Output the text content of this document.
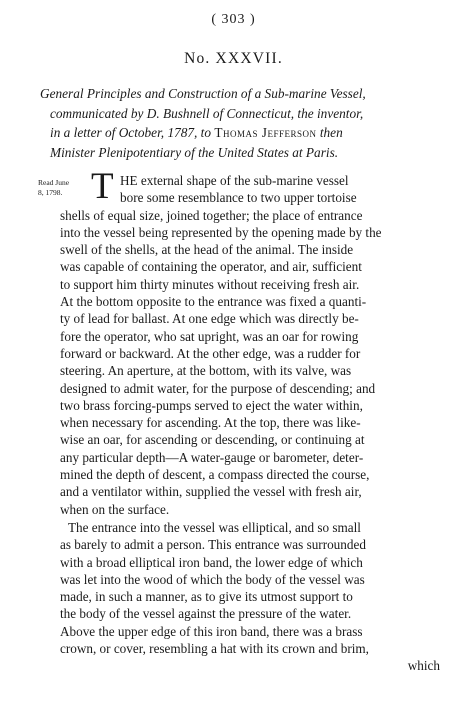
( 303 )
No. XXXVII.
General Principles and Construction of a Sub-marine Vessel,
communicated by D. Bushnell of Connecticut, the inventor,
in a letter of October, 1787, to Thomas Jefferson then
Minister Plenipotentiary of the United States at Paris.
Read June
8, 1798. T HE external shape of the sub-marine vessel
bore some resemblance to two upper tortoise
shells of equal size, joined together; the place of entrance
into the vessel being represented by the opening made by the
swell of the shells, at the head of the animal. The inside
was capable of containing the operator, and air, sufficient
to support him thirty minutes without receiving fresh air.
At the bottom opposite to the entrance was fixed a quanti-
ty of lead for ballast. At one edge which was directly be-
fore the operator, who sat upright, was an oar for rowing
forward or backward. At the other edge, was a rudder for
steering. An aperture, at the bottom, with its valve, was
designed to admit water, for the purpose of descending; and
two brass forcing-pumps served to eject the water within,
when necessary for ascending. At the top, there was like-
wise an oar, for ascending or descending, or continuing at
any particular depth—A water-gauge or barometer, deter-
mined the depth of descent, a compass directed the course,
and a ventilator within, supplied the vessel with fresh air,
when on the surface.
The entrance into the vessel was elliptical, and so small
as barely to admit a person. This entrance was surrounded
with a broad elliptical iron band, the lower edge of which
was let into the wood of which the body of the vessel was
made, in such a manner, as to give its utmost support to
the body of the vessel against the pressure of the water.
Above the upper edge of this iron band, there was a brass
crown, or cover, resembling a hat with its crown and brim,
which
